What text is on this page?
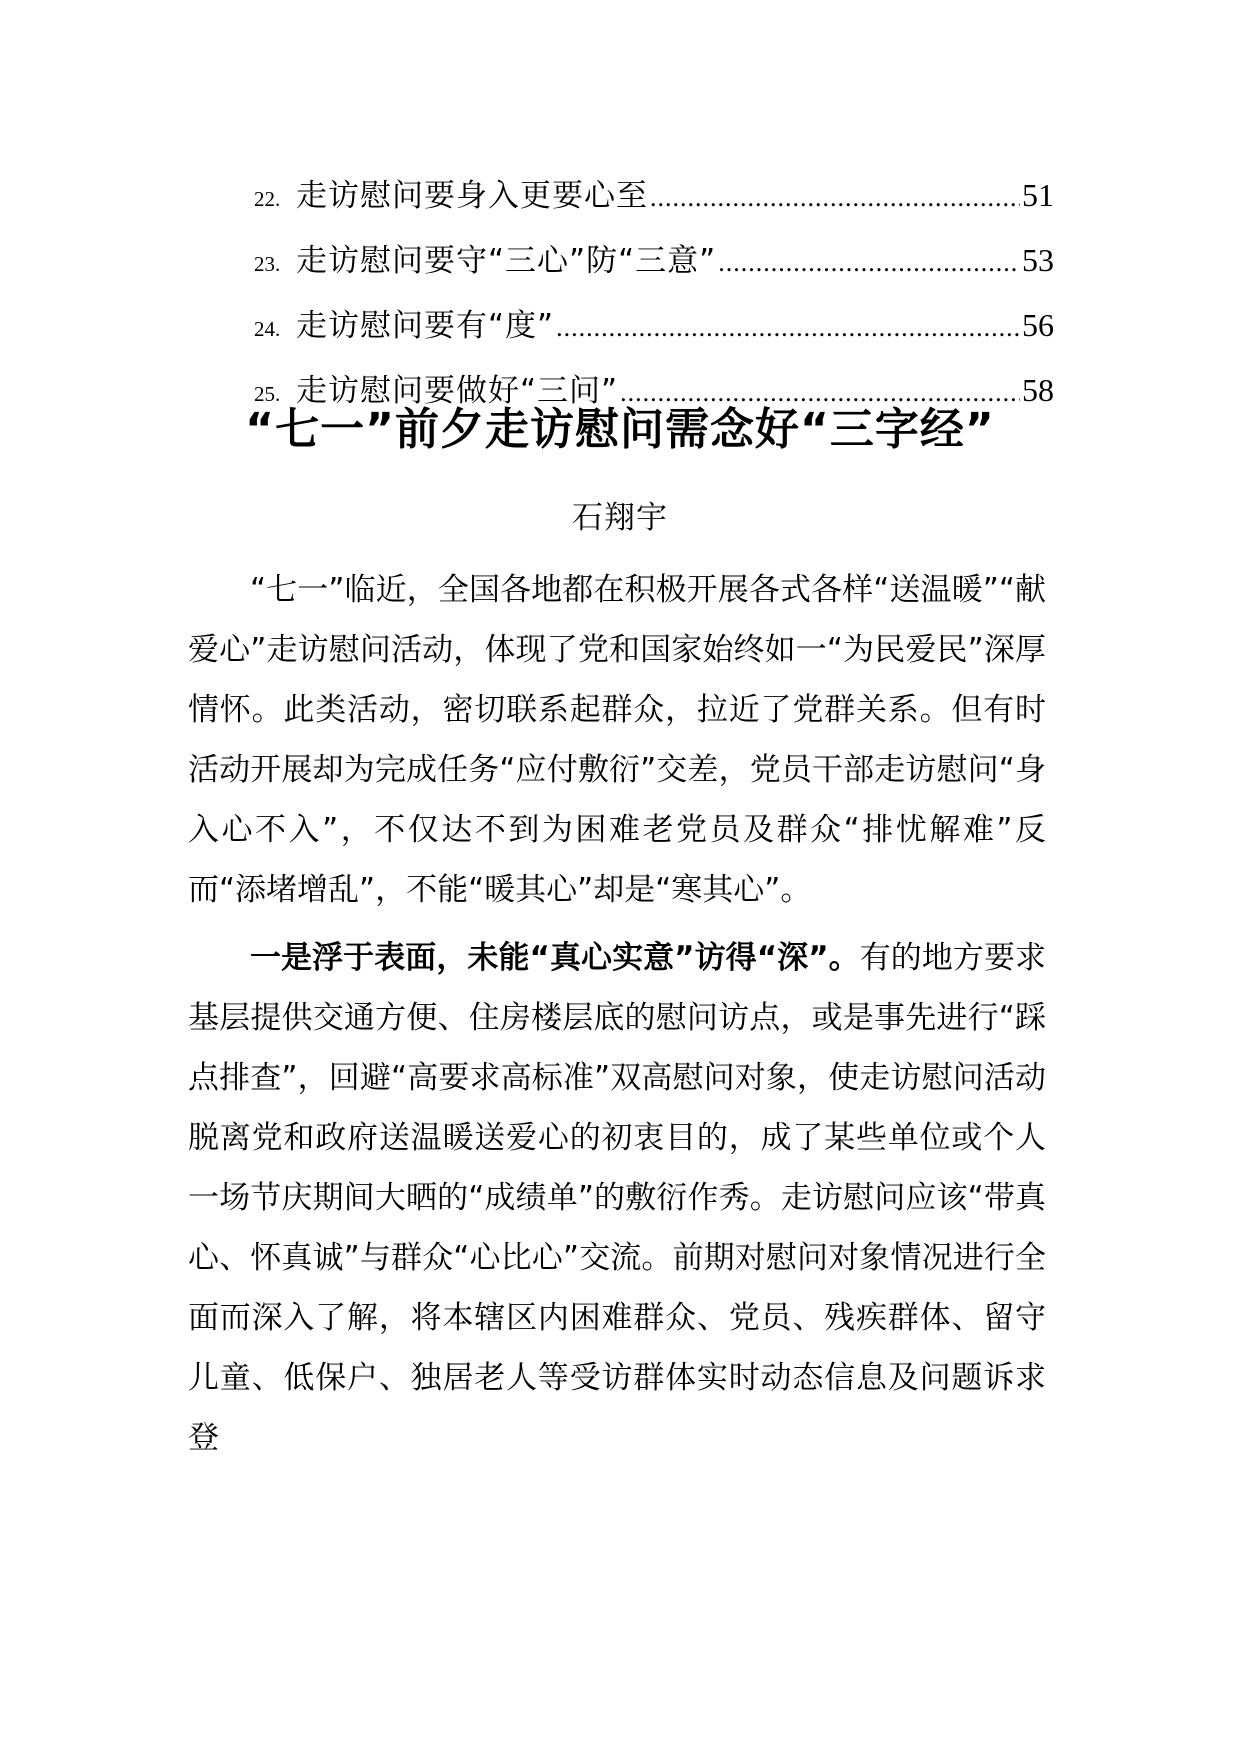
22. 走访慰问要身入更要心至 .....	51
23. 走访慰问要守“三心”防“三意” .....	53
24. 走访慰问要有“度” .....	56
25. 走访慰问要做好“三问” .....	58
“七一”前夕走访慰问需念好“三字经”
石翔宇

“七一”临近，全国各地都在积极开展各式各样“送温暖”“献爱心”走访慰问活动，体现了党和国家始终如一“为民爱民”深厚情怀。此类活动，密切联系起群众，拉近了党群关系。但有时活动开展却为完成任务“应付敷衍”交差，党员干部走访慰问“身入心不入”，不仅达不到为困难老党员及群众“排忧解难”反而“添堵增乱”，不能“暖其心”却是“寒其心”。

一是浮于表面，未能“真心实意”访得“深”。有的地方要求基层提供交通方便、住房楼层底的慰问访点，或是事先进行“踩点排查”，回避“高要求高标准”双高慰问对象，使走访慰问活动脱离党和政府送温暖送爱心的初衷目的，成了某些单位或个人一场节庆期间大晒的“成绩单”的敷衍作秀。走访慰问应该“带真心、怀真诚”与群众“心比心”交流。前期对慰问对象情况进行全面而深入了解，将本辖区内困难群众、党员、残疾群体、留守儿童、低保户、独居老人等受访群体实时动态信息及问题诉求登
